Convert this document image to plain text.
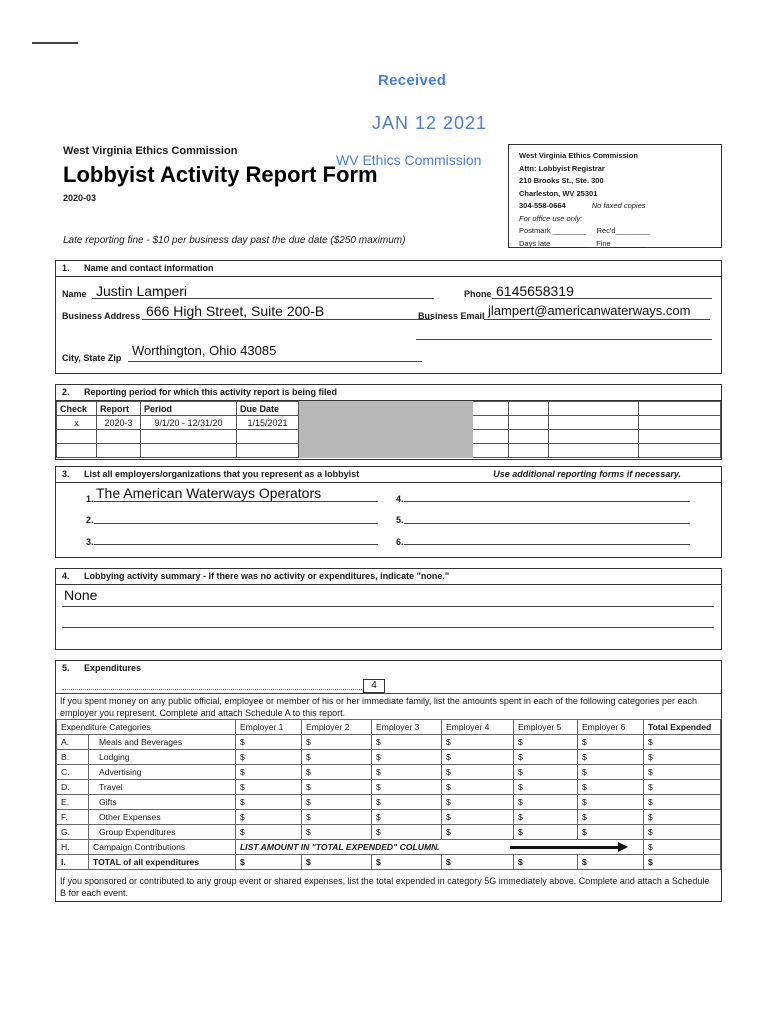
Received
JAN 12 2021
WV Ethics Commission
West Virginia Ethics Commission
Lobbyist Activity Report Form
2020-03
Late reporting fine - $10 per business day past the due date ($250 maximum)
West Virginia Ethics Commission
Attn: Lobbyist Registrar
210 Brooks St., Ste. 300
Charleston, WV 25301
304-558-0664	No faxed copies
For office use only:
Postmark ________     Rec'd________
Days late ________     Fine ________
1. Name and contact information
Name Justin Lamperi	Phone 6145658319
Business Address 666 High Street, Suite 200-B	Business Email jlampert@americanwaterways.com
City, State Zip Worthington, Ohio 43085
2. Reporting period for which this activity report is being filed
Check	Report	Period	Due Date					
x	2020-3	9/1/20 - 12/31/20	1/15/2021					

3. List all employers/organizations that you represent as a lobbyist	Use additional reporting forms if necessary.
1. The American Waterways Operators
2.
3.
4.
5.
6.
4. Lobbying activity summary - If there was no activity or expenditures, indicate "none."
None
5. Expenditures
4
If you spent money on any public official, employee or member of his or her immediate family, list the amounts spent in each of the following categories per each employer you represent. Complete and attach Schedule A to this report.
Expenditure Categories		Employer 1	Employer 2	Employer 3	Employer 4	Employer 5	Employer 6	Total Expended
A.	Meals and Beverages	$	$	$	$	$	$	$
B.	Lodging	$	$	$	$	$	$	$
C.	Advertising	$	$	$	$	$	$	$
D.	Travel	$	$	$	$	$	$	$
E.	Gifts	$	$	$	$	$	$	$
F.	Other Expenses	$	$	$	$	$	$	$
G.	Group Expenditures	$	$	$	$	$	$	$
H.	Campaign Contributions	LIST AMOUNT IN "TOTAL EXPENDED" COLUMN.						$
I.	TOTAL of all expenditures	$	$	$	$	$	$	$
If you sponsored or contributed to any group event or shared expenses, list the total expended in category 5G immediately above. Complete and attach a Schedule B for each event.
